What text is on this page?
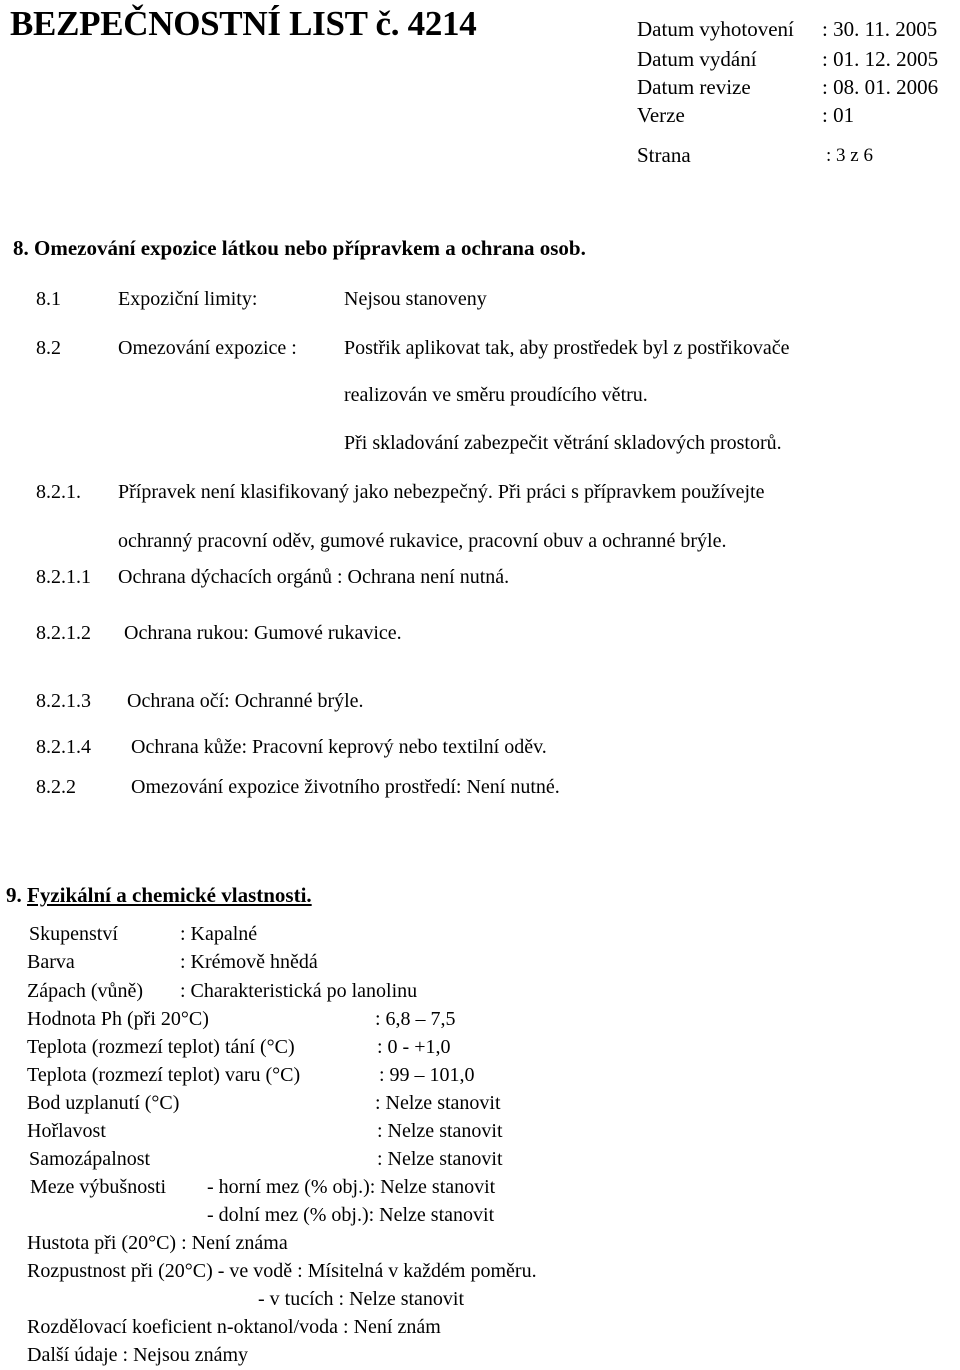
BEZPEČNOSTNÍ LIST č. 4214	Datum vyhotovení : 30. 11. 2005
Datum vydání	: 01. 12. 2005
Datum revize	: 08. 01. 2006
Verze	: 01
Strana	: 3 z 6
8. Omezování expozice látkou nebo přípravkem a ochrana osob.
8.1	Expoziční limity:	Nejsou stanoveny
8.2	Omezování expozice : Postřik aplikovat tak, aby prostředek byl z postřikovače
realizován ve směru proudícího větru.
Při skladování zabezpečit větrání skladových prostorů.
8.2.1. Přípravek není klasifikovaný jako nebezpečný. Při práci s přípravkem používejte
ochranný pracovní oděv, gumové rukavice, pracovní obuv a ochranné brýle.
8.2.1.1 Ochrana dýchacích orgánů : Ochrana není nutná.
8.2.1.2 Ochrana rukou: Gumové rukavice.
8.2.1.3 Ochrana očí: Ochranné brýle.
8.2.1.4 Ochrana kůže: Pracovní keprový nebo textilní oděv.
8.2.2	Omezování expozice životního prostředí: Není nutné.
9. Fyzikální a chemické vlastnosti.
Skupenství	: Kapalné
Barva	: Krémově hnědá
Zápach (vůně) : Charakteristická po lanolinu
Hodnota Ph (při 20°C)	: 6,8 – 7,5
Teplota (rozmezí teplot) tání (°C)	: 0 - +1,0
Teplota (rozmezí teplot) varu (°C)	: 99 – 101,0
Bod uzplanutí (°C)	: Nelze stanovit
Hořlavost	: Nelze stanovit
Samozápalnost	: Nelze stanovit
Meze výbušnosti - horní mez (% obj.): Nelze stanovit
- dolní mez (% obj.): Nelze stanovit
Hustota při (20°C) : Není známa
Rozpustnost při (20°C) - ve vodě : Mísitelná v každém poměru.
- v tucích : Nelze stanovit
Rozdělovací koeficient n-oktanol/voda : Není znám
Další údaje : Nejsou známy
